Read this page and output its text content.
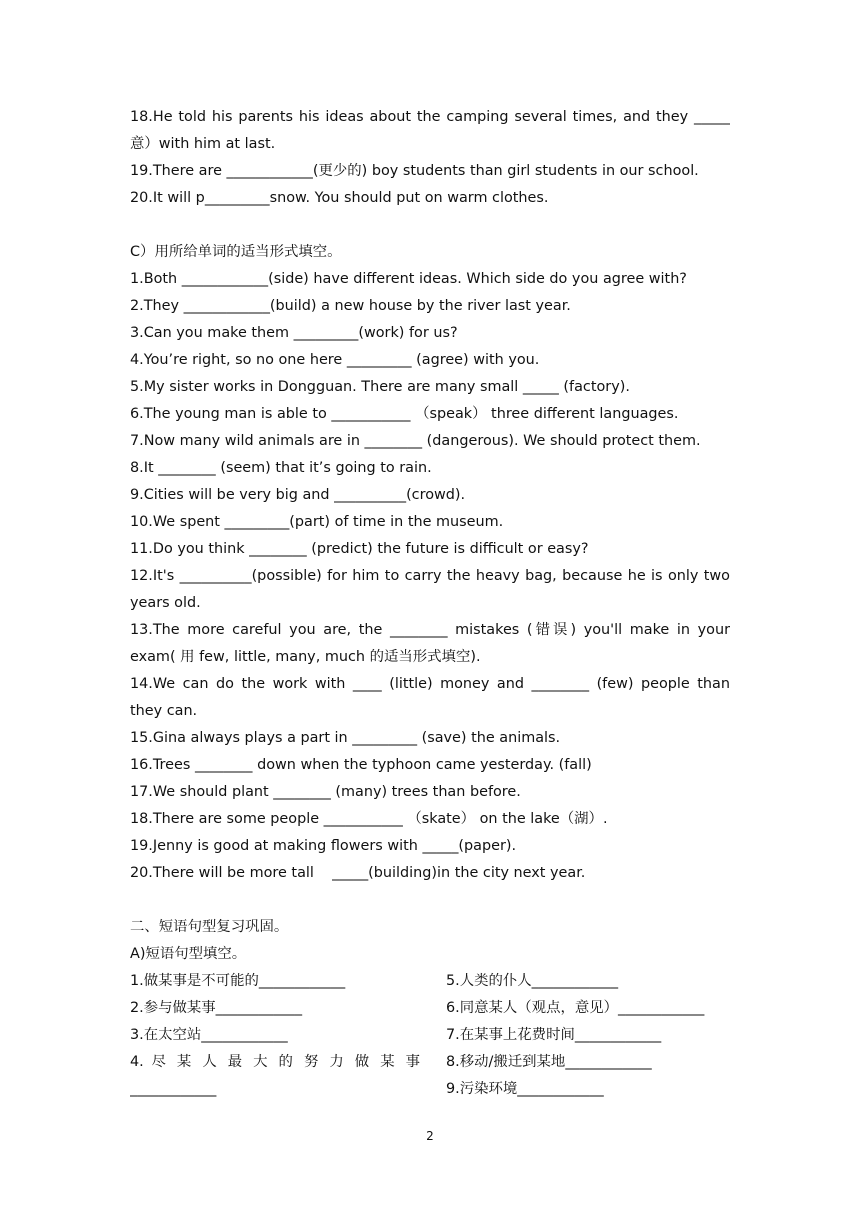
18.He told his parents his ideas about the camping several times, and they _____
意）with him at last.
19.There are ____________(更少的) boy students than girl students in our school.
20.It will p_________snow. You should put on warm clothes.
C）用所给单词的适当形式填空。
1.Both ____________(side) have different ideas. Which side do you agree with?
2.They ____________(build) a new house by the river last year.
3.Can you make them _________(work) for us?
4.You’re right, so no one here _________ (agree) with you.
5.My sister works in Dongguan. There are many small _____ (factory).
6.The young man is able to ___________ （speak） three different languages.
7.Now many wild animals are in ________ (dangerous). We should protect them.
8.It ________ (seem) that it’s going to rain.
9.Cities will be very big and __________(crowd).
10.We spent _________(part) of time in the museum.
11.Do you think ________ (predict) the future is difficult or easy?
12.It's __________(possible) for him to carry the heavy bag, because he is only two
years old.
13.The more careful you are, the ________ mistakes (错误) you'll make in your
exam( 用 few, little, many, much 的适当形式填空).
14.We can do the work with ____ (little) money and ________ (few) people than
they can.
15.Gina always plays a part in _________ (save) the animals.
16.Trees ________ down when the typhoon came yesterday. (fall)
17.We should plant ________ (many) trees than before.
18.There are some people ___________ （skate） on the lake（湖）.
19.Jenny is good at making flowers with _____(paper).
20.There will be more tall    _____(building)in the city next year.
二、短语句型复习巩固。
A)短语句型填空。
1.做某事是不可能的____________
2.参与做某事____________
3.在太空站____________
4. 尽 某 人 最 大 的 努 力 做 某 事
____________
5.人类的仆人____________
6.同意某人（观点，意见）____________
7.在某事上花费时间____________
8.移动/搬迁到某地____________
9.污染环境____________
2
